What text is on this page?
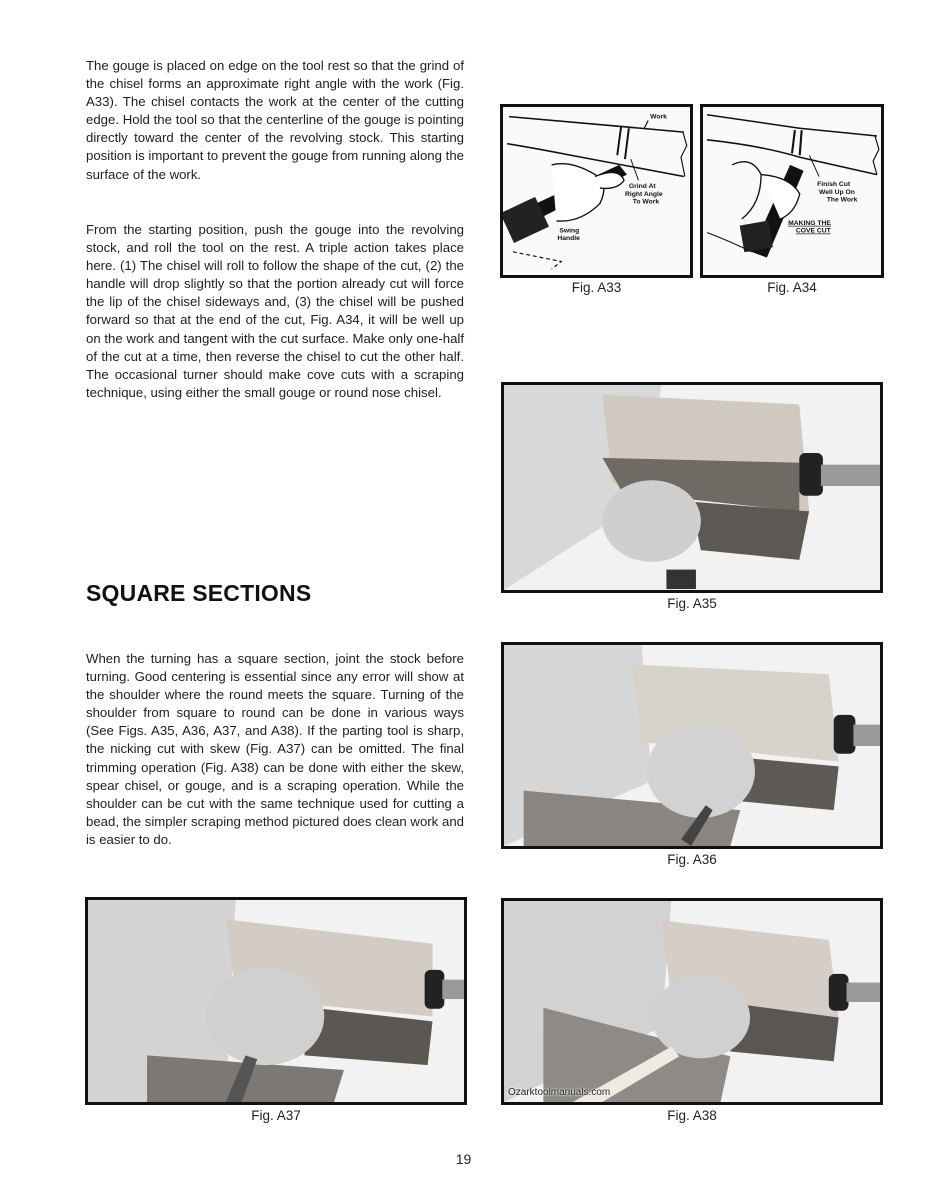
The gouge is placed on edge on the tool rest so that the grind of the chisel forms an approximate right angle with the work (Fig. A33). The chisel contacts the work at the center of the cutting edge. Hold the tool so that the centerline of the gouge is pointing directly toward the center of the revolving stock. This starting position is important to prevent the gouge from running along the surface of the work.

From the starting position, push the gouge into the revolving stock, and roll the tool on the rest. A triple action takes place here. (1) The chisel will roll to follow the shape of the cut, (2) the handle will drop slightly so that the portion already cut will force the lip of the chisel sideways and, (3) the chisel will be pushed forward so that at the end of the cut, Fig. A34, it will be well up on the work and tangent with the cut surface. Make only one-half of the cut at a time, then reverse the chisel to cut the other half. The occasional turner should make cove cuts with a scraping technique, using either the small gouge or round nose chisel.

SQUARE SECTIONS

When the turning has a square section, joint the stock before turning. Good centering is essential since any error will show at the shoulder where the round meets the square. Turning of the shoulder from square to round can be done in various ways (See Figs. A35, A36, A37, and A38). If the parting tool is sharp, the nicking cut with skew (Fig. A37) can be omitted. The final trimming operation (Fig. A38) can be done with either the skew, spear chisel, or gouge, and is a scraping operation. While the shoulder can be cut with the same technique used for cutting a bead, the simpler scraping method pictured does clean work and is easier to do.

Work
Grind At
Right Angle
To Work
Swing
Handle
Fig. A33
Finish Cut
Well Up On
The Work
MAKING THE
COVE CUT
Fig. A34
Fig. A35
Fig. A36
Fig. A37
Ozarktoolmanuals.com
Fig. A38
19
